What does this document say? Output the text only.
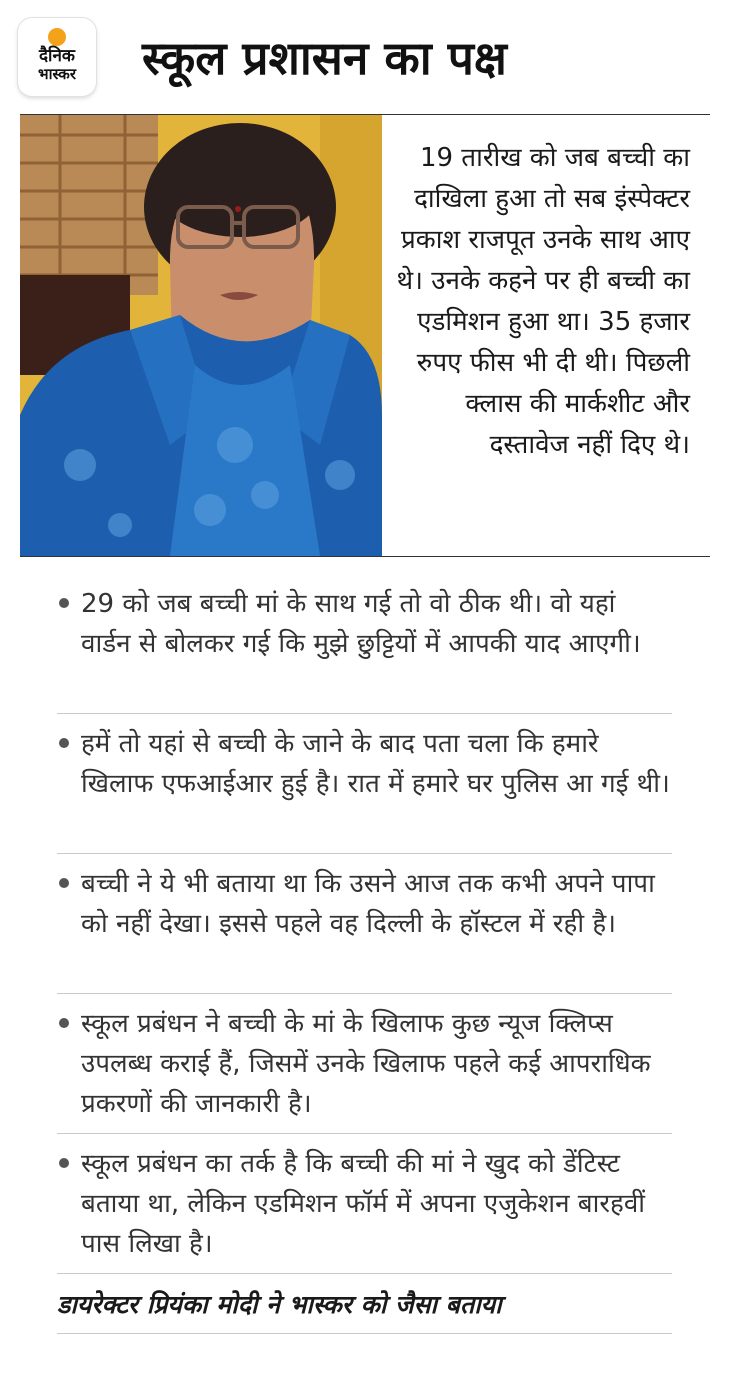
दैनिक
भास्कर	स्कूल प्रशासन का पक्ष

19 तारीख को जब बच्ची का दाखिला हुआ तो सब इंस्पेक्टर प्रकाश राजपूत उनके साथ आए थे। उनके कहने पर ही बच्ची का एडमिशन हुआ था। 35 हजार रुपए फीस भी दी थी। पिछली क्लास की मार्कशीट और दस्तावेज नहीं दिए थे।

29 को जब बच्ची मां के साथ गई तो वो ठीक थी। वो यहां वार्डन से बोलकर गई कि मुझे छुट्टियों में आपकी याद आएगी।
हमें तो यहां से बच्ची के जाने के बाद पता चला कि हमारे खिलाफ एफआईआर हुई है। रात में हमारे घर पुलिस आ गई थी।
बच्ची ने ये भी बताया था कि उसने आज तक कभी अपने पापा को नहीं देखा। इससे पहले वह दिल्ली के हॉस्टल में रही है।
स्कूल प्रबंधन ने बच्ची के मां के खिलाफ कुछ न्यूज क्लिप्स उपलब्ध कराई हैं, जिसमें उनके खिलाफ पहले कई आपराधिक प्रकरणों की जानकारी है।
स्कूल प्रबंधन का तर्क है कि बच्ची की मां ने खुद को डेंटिस्ट बताया था, लेकिन एडमिशन फॉर्म में अपना एजुकेशन बारहवीं पास लिखा है।

डायरेक्टर प्रियंका मोदी ने भास्कर को जैसा बताया
